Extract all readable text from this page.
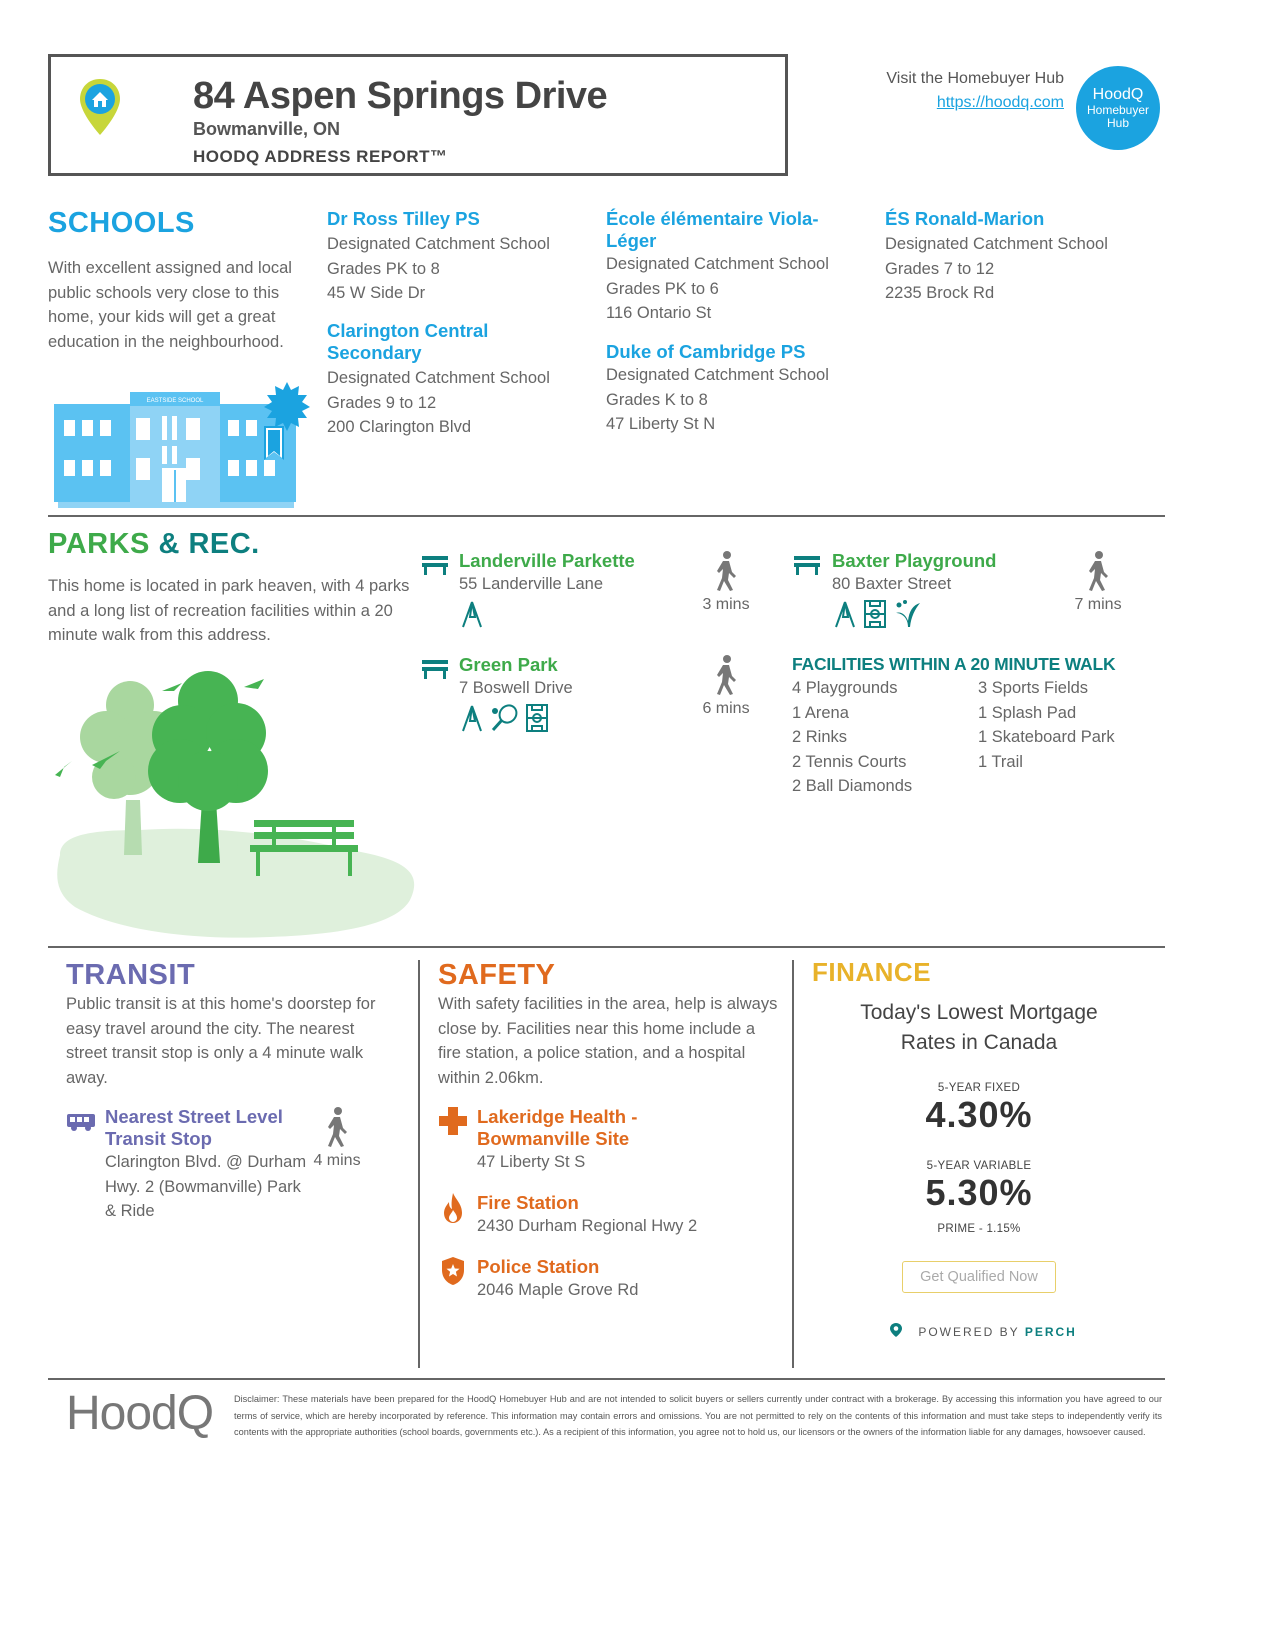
84 Aspen Springs Drive
Bowmanville, ON
HOODQ ADDRESS REPORT™
Visit the Homebuyer Hub
https://hoodq.com	HoodQ
Homebuyer
Hub
SCHOOLS
With excellent assigned and local public schools very close to this home, your kids will get a great education in the neighbourhood.
EASTSIDE SCHOOL
Dr Ross Tilley PS
Designated Catchment School
Grades PK to 8
45 W Side Dr
Clarington Central Secondary
Designated Catchment School
Grades 9 to 12
200 Clarington Blvd
École élémentaire Viola-Léger
Designated Catchment School
Grades PK to 6
116 Ontario St
Duke of Cambridge PS
Designated Catchment School
Grades K to 8
47 Liberty St N
ÉS Ronald-Marion
Designated Catchment School
Grades 7 to 12
2235 Brock Rd
PARKS & REC.
This home is located in park heaven, with 4 parks and a long list of recreation facilities within a 20 minute walk from this address.
Landerville Parkette
55 Landerville Lane
3 mins
Baxter Playground
80 Baxter Street

7 mins
Green Park
7 Boswell Drive

6 mins
FACILITIES WITHIN A 20 MINUTE WALK
4 Playgrounds
1 Arena
2 Rinks
2 Tennis Courts
2 Ball Diamonds
3 Sports Fields
1 Splash Pad
1 Skateboard Park
1 Trail
TRANSIT
Public transit is at this home's doorstep for easy travel around the city. The nearest street transit stop is only a 4 minute walk away.
Nearest Street Level Transit Stop
Clarington Blvd. @ Durham Hwy. 2 (Bowmanville) Park & Ride
4 mins
SAFETY
With safety facilities in the area, help is always close by. Facilities near this home include a fire station, a police station, and a hospital within 2.06km.
Lakeridge Health - Bowmanville Site
47 Liberty St S
Fire Station
2430 Durham Regional Hwy 2
Police Station
2046 Maple Grove Rd
FINANCE
Today's Lowest Mortgage Rates in Canada
5-YEAR FIXED
4.30%
5-YEAR VARIABLE
5.30%
PRIME - 1.15%
Get Qualified Now
POWERED BY PERCH
HoodQ Disclaimer: These materials have been prepared for the HoodQ Homebuyer Hub and are not intended to solicit buyers or sellers currently under contract with a brokerage. By accessing this information you have agreed to our terms of service, which are hereby incorporated by reference. This information may contain errors and omissions. You are not permitted to rely on the contents of this information and must take steps to independently verify its contents with the appropriate authorities (school boards, governments etc.). As a recipient of this information, you agree not to hold us, our licensors or the owners of the information liable for any damages, howsoever caused.
